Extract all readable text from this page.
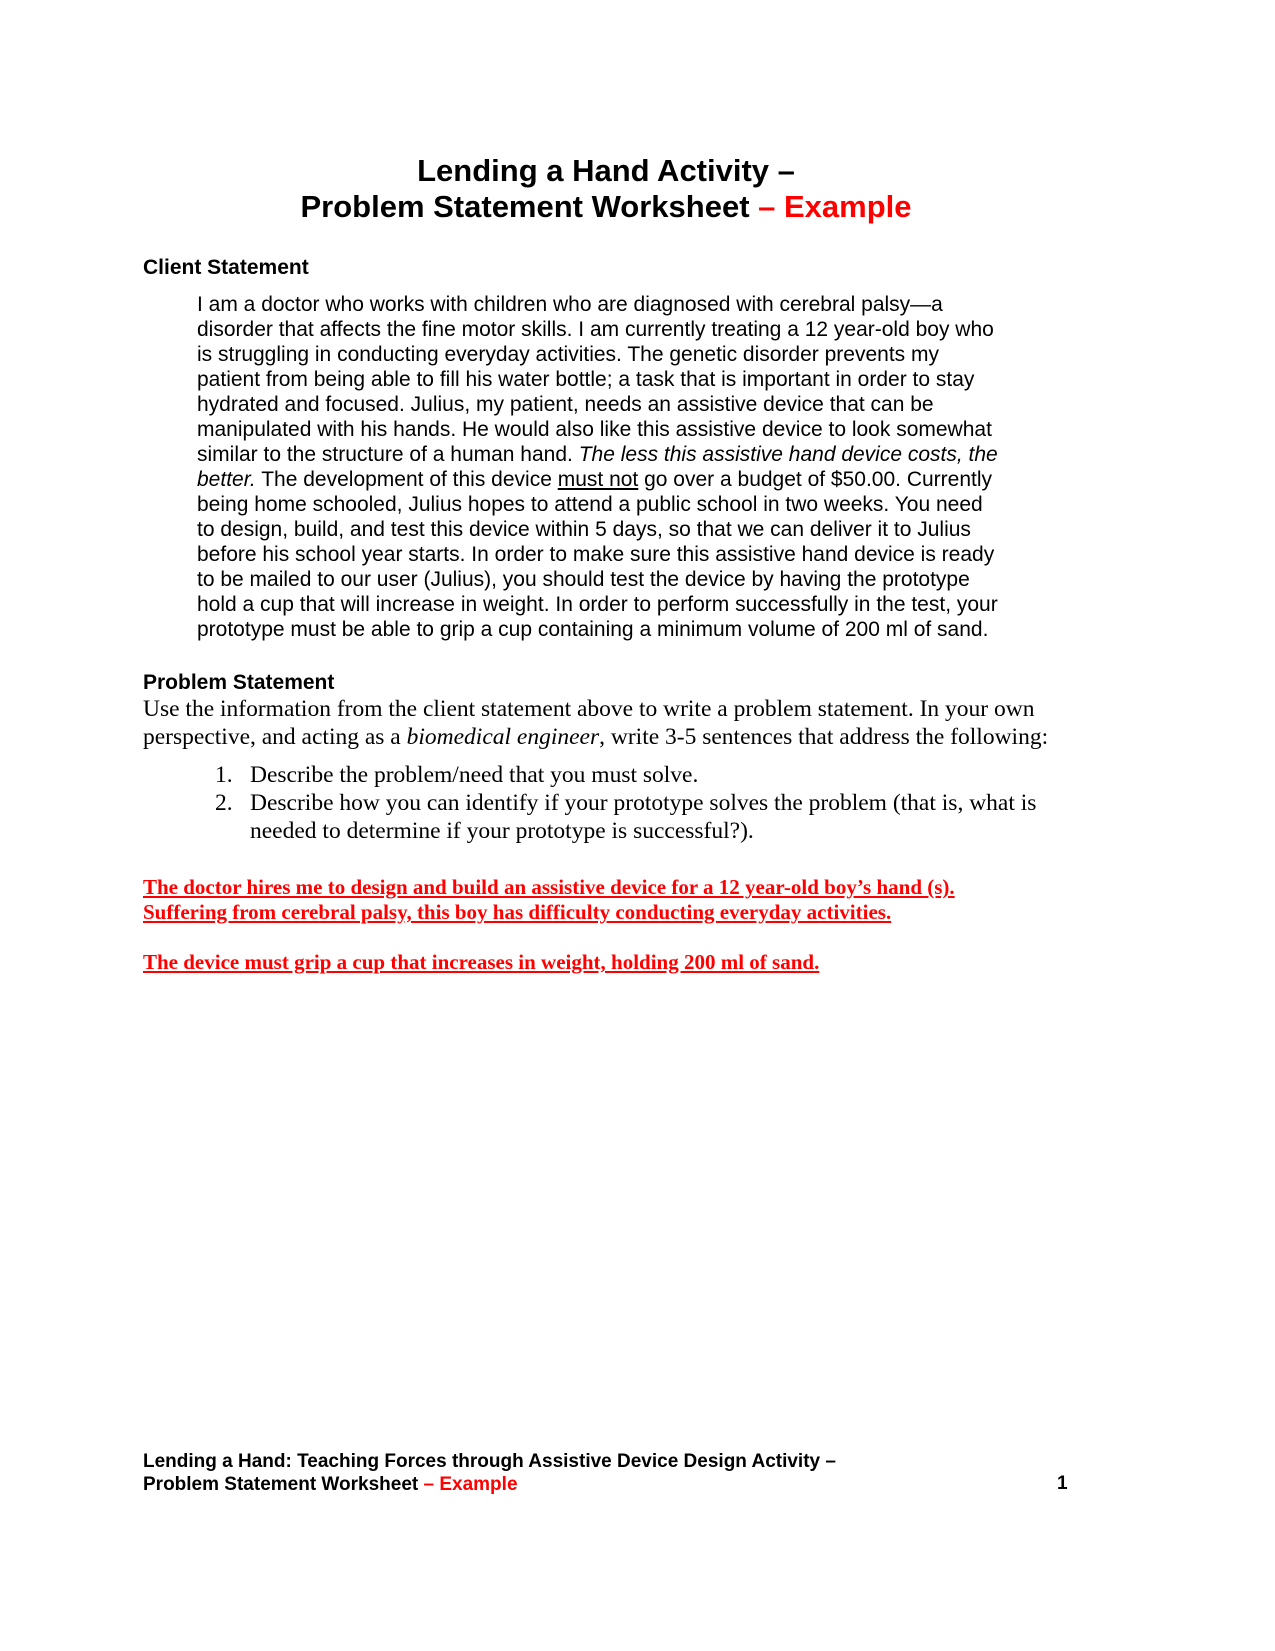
Lending a Hand Activity –
Problem Statement Worksheet – Example
Client Statement
I am a doctor who works with children who are diagnosed with cerebral palsy—a
disorder that affects the fine motor skills. I am currently treating a 12 year-old boy who
is struggling in conducting everyday activities. The genetic disorder prevents my
patient from being able to fill his water bottle; a task that is important in order to stay
hydrated and focused. Julius, my patient, needs an assistive device that can be
manipulated with his hands. He would also like this assistive device to look somewhat
similar to the structure of a human hand. The less this assistive hand device costs, the
better. The development of this device must not go over a budget of $50.00. Currently
being home schooled, Julius hopes to attend a public school in two weeks. You need
to design, build, and test this device within 5 days, so that we can deliver it to Julius
before his school year starts. In order to make sure this assistive hand device is ready
to be mailed to our user (Julius), you should test the device by having the prototype
hold a cup that will increase in weight. In order to perform successfully in the test, your
prototype must be able to grip a cup containing a minimum volume of 200 ml of sand.
Problem Statement
Use the information from the client statement above to write a problem statement. In your own
perspective, and acting as a biomedical engineer, write 3-5 sentences that address the following:
1. Describe the problem/need that you must solve.
2. Describe how you can identify if your prototype solves the problem (that is, what is
needed to determine if your prototype is successful?).
The doctor hires me to design and build an assistive device for a 12 year-old boy’s hand (s).
Suffering from cerebral palsy, this boy has difficulty conducting everyday activities.
The device must grip a cup that increases in weight, holding 200 ml of sand.
Lending a Hand: Teaching Forces through Assistive Device Design Activity –
Problem Statement Worksheet – Example	1
